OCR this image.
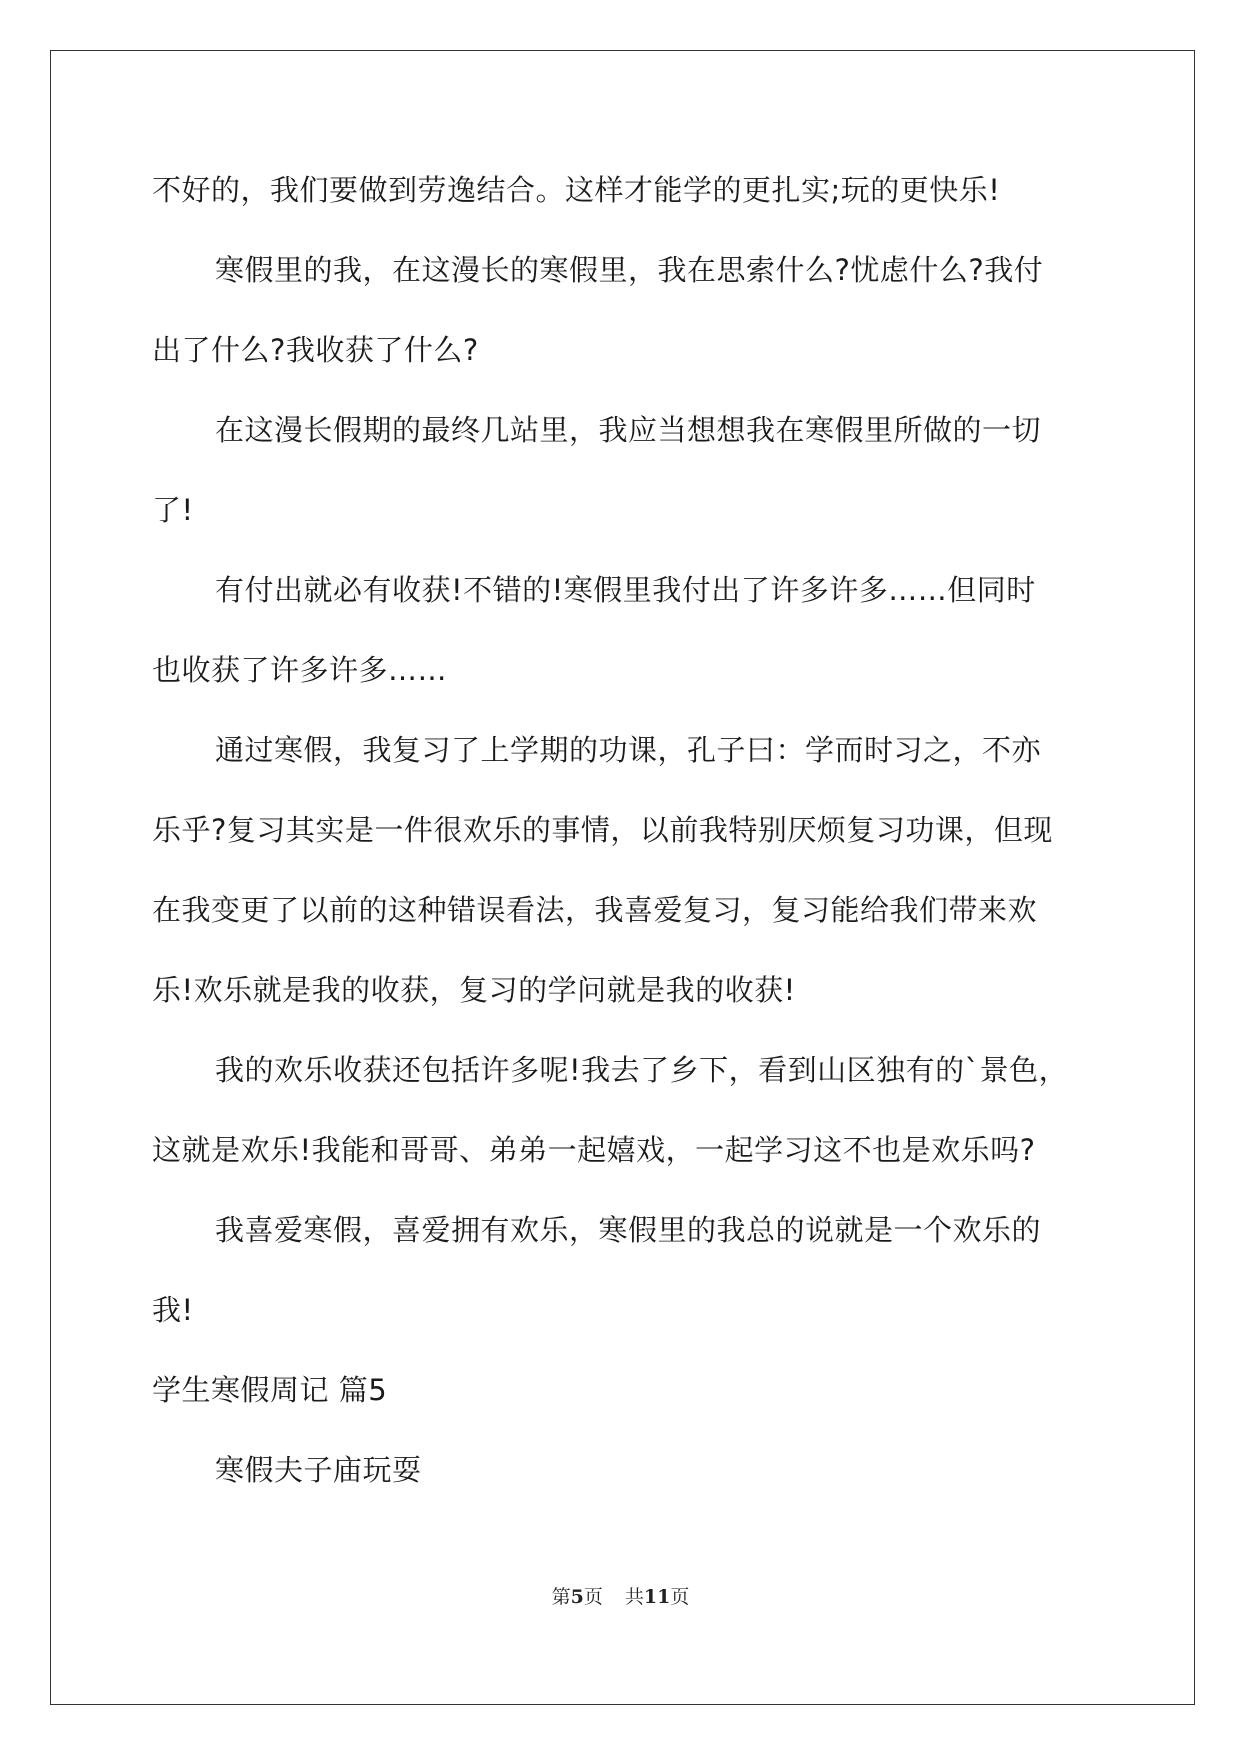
不好的，我们要做到劳逸结合。这样才能学的更扎实;玩的更快乐!
寒假里的我，在这漫长的寒假里，我在思索什么?忧虑什么?我付
出了什么?我收获了什么?
在这漫长假期的最终几站里，我应当想想我在寒假里所做的一切
了!
有付出就必有收获!不错的!寒假里我付出了许多许多……但同时
也收获了许多许多……
通过寒假，我复习了上学期的功课，孔子曰：学而时习之，不亦
乐乎?复习其实是一件很欢乐的事情，以前我特别厌烦复习功课，但现
在我变更了以前的这种错误看法，我喜爱复习，复习能给我们带来欢
乐!欢乐就是我的收获，复习的学问就是我的收获!
我的欢乐收获还包括许多呢!我去了乡下，看到山区独有的`景色，
这就是欢乐!我能和哥哥、弟弟一起嬉戏，一起学习这不也是欢乐吗?
我喜爱寒假，喜爱拥有欢乐，寒假里的我总的说就是一个欢乐的
我!
学生寒假周记 篇5
寒假夫子庙玩耍
第5页 共11页
